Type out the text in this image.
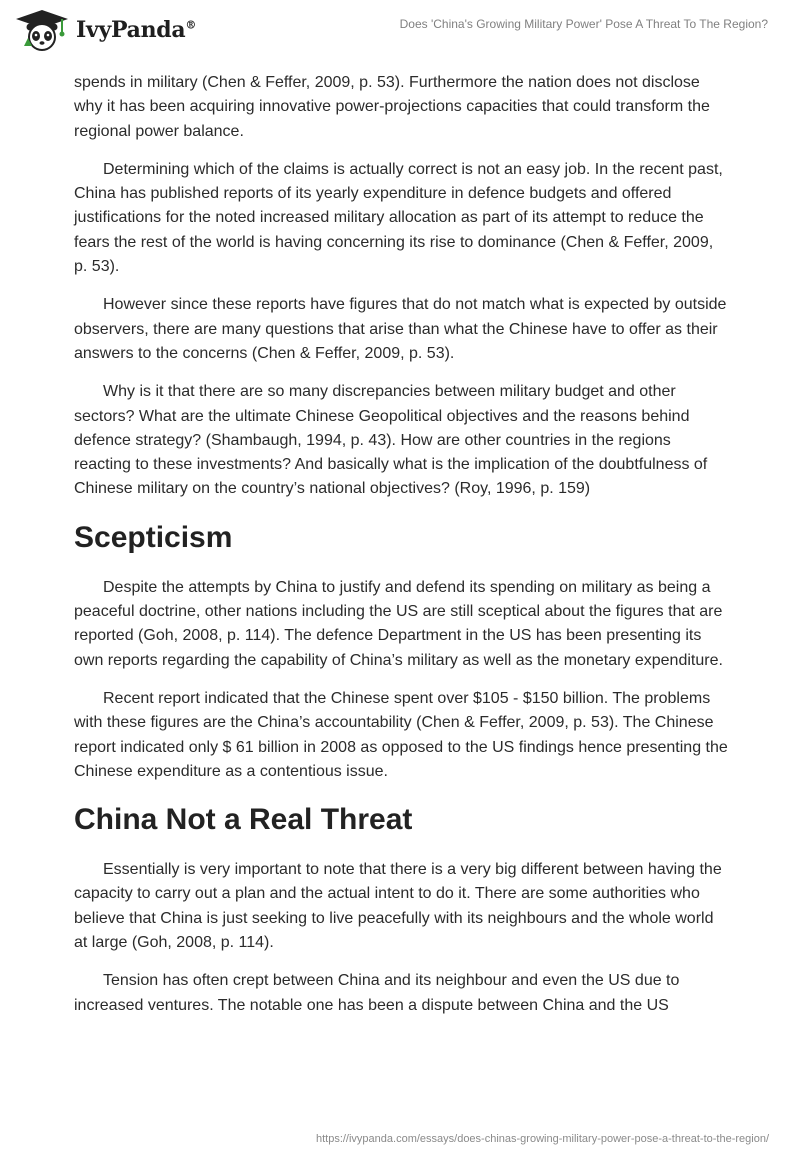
IvyPanda®	Does 'China's Growing Military Power' Pose A Threat To The Region?

spends in military (Chen & Feffer, 2009, p. 53). Furthermore the nation does not disclose why it has been acquiring innovative power-projections capacities that could transform the regional power balance.

Determining which of the claims is actually correct is not an easy job. In the recent past, China has published reports of its yearly expenditure in defence budgets and offered justifications for the noted increased military allocation as part of its attempt to reduce the fears the rest of the world is having concerning its rise to dominance (Chen & Feffer, 2009, p. 53).

However since these reports have figures that do not match what is expected by outside observers, there are many questions that arise than what the Chinese have to offer as their answers to the concerns (Chen & Feffer, 2009, p. 53).

Why is it that there are so many discrepancies between military budget and other sectors? What are the ultimate Chinese Geopolitical objectives and the reasons behind defence strategy? (Shambaugh, 1994, p. 43). How are other countries in the regions reacting to these investments? And basically what is the implication of the doubtfulness of Chinese military on the country’s national objectives? (Roy, 1996, p. 159)

Scepticism

Despite the attempts by China to justify and defend its spending on military as being a peaceful doctrine, other nations including the US are still sceptical about the figures that are reported (Goh, 2008, p. 114). The defence Department in the US has been presenting its own reports regarding the capability of China’s military as well as the monetary expenditure.

Recent report indicated that the Chinese spent over $105 - $150 billion. The problems with these figures are the China’s accountability (Chen & Feffer, 2009, p. 53). The Chinese report indicated only $ 61 billion in 2008 as opposed to the US findings hence presenting the Chinese expenditure as a contentious issue.

China Not a Real Threat

Essentially is very important to note that there is a very big different between having the capacity to carry out a plan and the actual intent to do it. There are some authorities who believe that China is just seeking to live peacefully with its neighbours and the whole world at large (Goh, 2008, p. 114).

Tension has often crept between China and its neighbour and even the US due to increased ventures. The notable one has been a dispute between China and the US

https://ivypanda.com/essays/does-chinas-growing-military-power-pose-a-threat-to-the-region/
